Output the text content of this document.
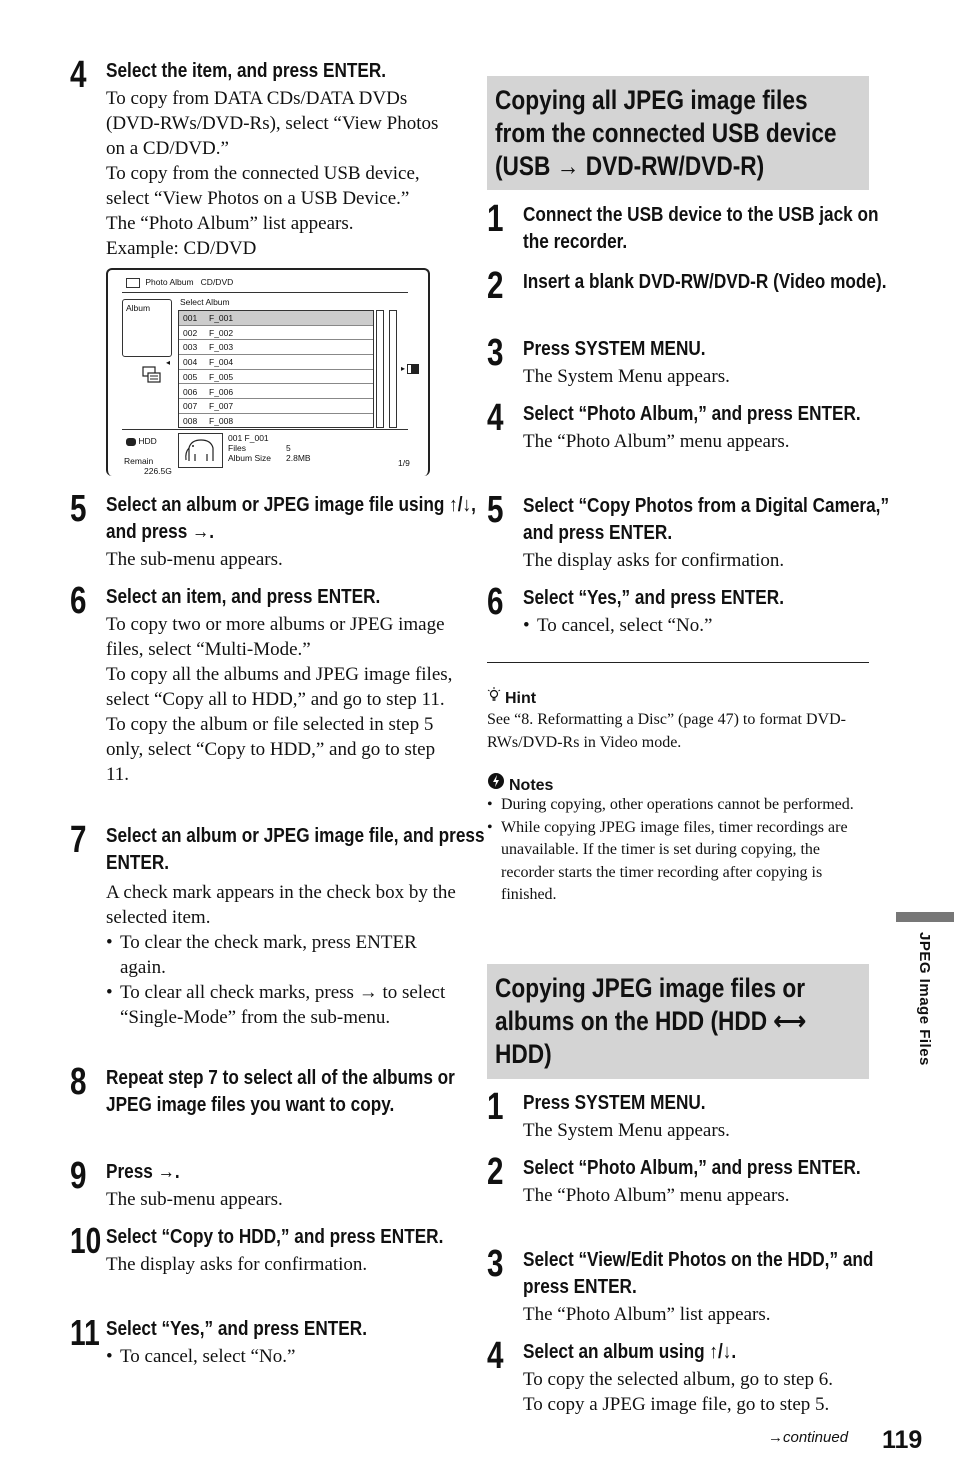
4 Select the item, and press ENTER.

To copy from DATA CDs/DATA DVDs (DVD-RWs/DVD-Rs), select “View Photos on a CD/DVD.”

To copy from the connected USB device, select “View Photos on a USB Device.”

The “Photo Album” list appears.

Example: CD/DVD

5 Select an album or JPEG image file using ↑/↓, and press →.

The sub-menu appears.

6 Select an item, and press ENTER.

To copy two or more albums or JPEG image files, select “Multi-Mode.”

To copy all the albums and JPEG image files, select “Copy all to HDD,” and go to step 11.

To copy the album or file selected in step 5 only, select “Copy to HDD,” and go to step 11.

7 Select an album or JPEG image file, and press ENTER.

A check mark appears in the check box by the selected item.

• To clear the check mark, press ENTER again.

• To clear all check marks, press → to select “Single-Mode” from the sub-menu.

8 Repeat step 7 to select all of the albums or JPEG image files you want to copy.
9 Press →.

The sub-menu appears.

10 Select “Copy to HDD,” and press ENTER.

The display asks for confirmation.

11 Select “Yes,” and press ENTER.

• To cancel, select “No.”

Photo Album CD/DVD
Album
◂
Select Album
001 F_001
002 F_002
003 F_003
004 F_004
005 F_005
006 F_006
007 F_007
008 F_008
▸
HDD
Remain
226.5G
001 F_001
Files	5
Album Size 2.8MB	1/9
Copying all JPEG image files from the connected USB device (USB → DVD-RW/DVD-R)
1 Connect the USB device to the USB jack on the recorder.
2 Insert a blank DVD-RW/DVD-R (Video mode).
3 Press SYSTEM MENU.

The System Menu appears.

4 Select “Photo Album,” and press ENTER.

The “Photo Album” menu appears.

5 Select “Copy Photos from a Digital Camera,” and press ENTER.

The display asks for confirmation.

6 Select “Yes,” and press ENTER.

• To cancel, select “No.”

Hint
See “8. Reformatting a Disc” (page 47) to format DVD-RWs/DVD-Rs in Video mode.
Notes

• During copying, other operations cannot be performed.

• While copying JPEG image files, timer recordings are unavailable. If the timer is set during copying, the recorder starts the timer recording after copying is finished.

Copying JPEG image files or albums on the HDD (HDD ⟷ HDD)
1 Press SYSTEM MENU.

The System Menu appears.

2 Select “Photo Album,” and press ENTER.

The “Photo Album” menu appears.

3 Select “View/Edit Photos on the HDD,” and press ENTER.

The “Photo Album” list appears.

4 Select an album using ↑/↓.

To copy the selected album, go to step 6.

To copy a JPEG image file, go to step 5.

JPEG Image Files
→continued 119
